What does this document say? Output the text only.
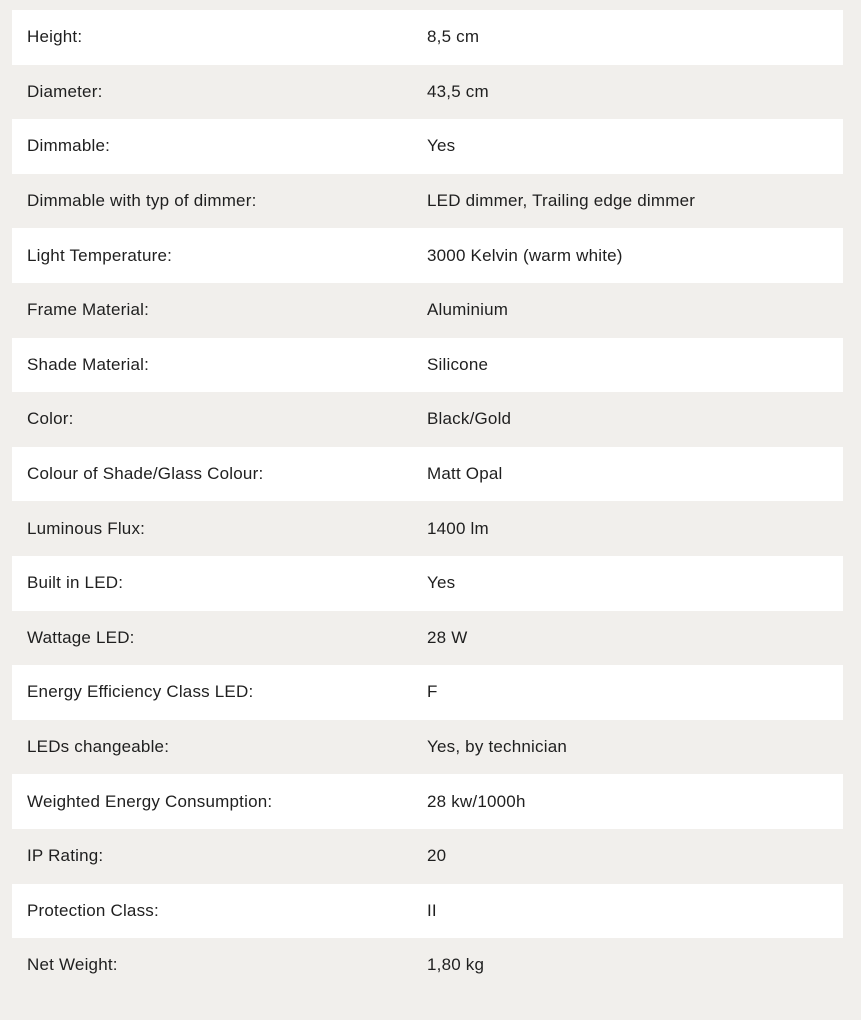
Height:	8,5 cm
Diameter:	43,5 cm
Dimmable:	Yes
Dimmable with typ of dimmer:	LED dimmer, Trailing edge dimmer
Light Temperature:	3000 Kelvin (warm white)
Frame Material:	Aluminium
Shade Material:	Silicone
Color:	Black/Gold
Colour of Shade/Glass Colour:	Matt Opal
Luminous Flux:	1400 lm
Built in LED:	Yes
Wattage LED:	28 W
Energy Efficiency Class LED:	F
LEDs changeable:	Yes, by technician
Weighted Energy Consumption:	28 kw/1000h
IP Rating:	20
Protection Class:	II
Net Weight:	1,80 kg
